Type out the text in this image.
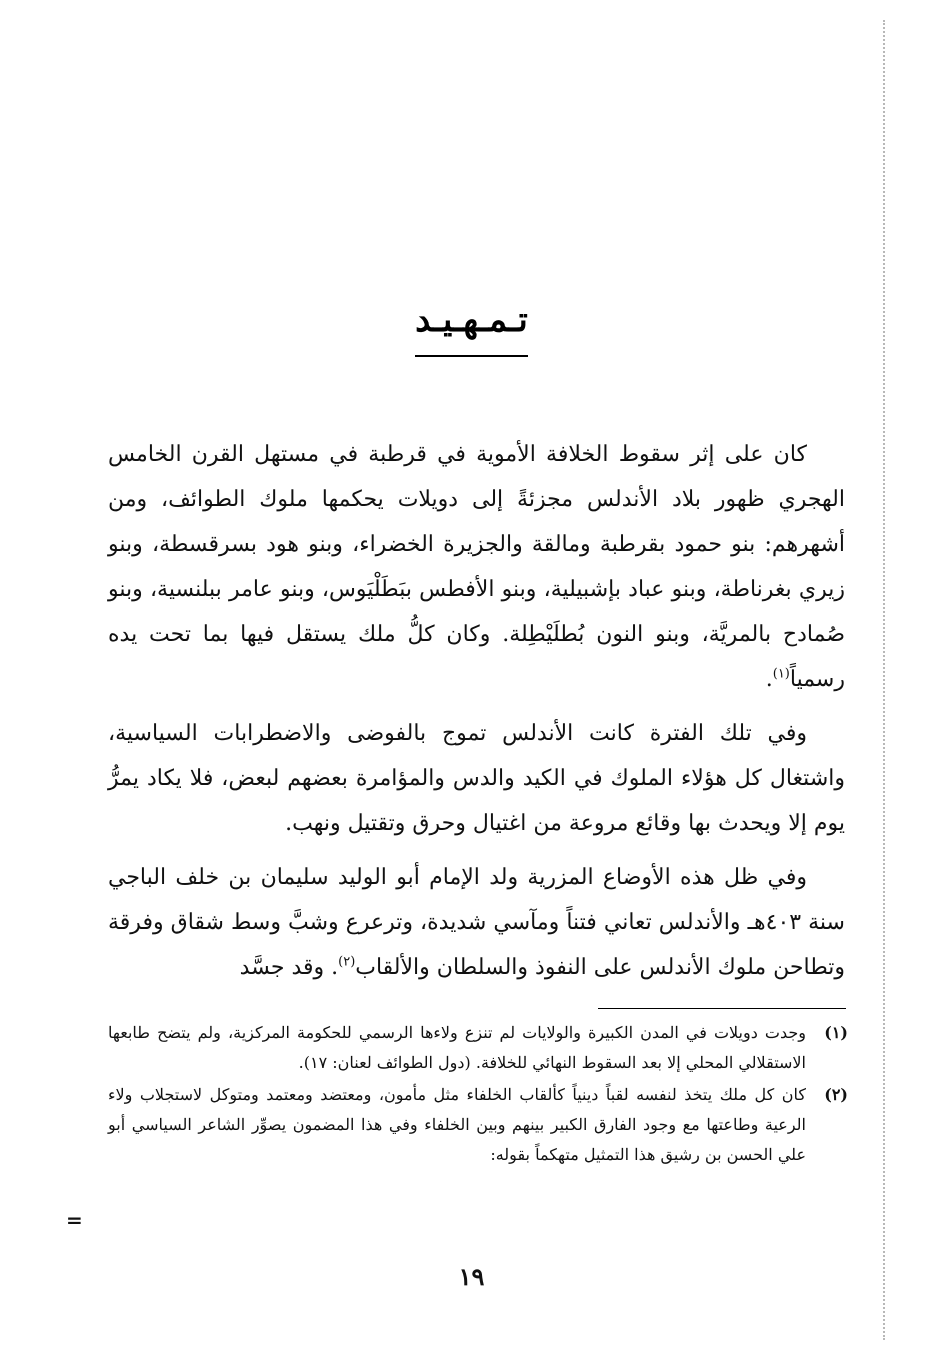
تـمـهـيـد

كان على إثر سقوط الخلافة الأموية في قرطبة في مستهل القرن الخامس الهجري ظهور بلاد الأندلس مجزئةً إلى دويلات يحكمها ملوك الطوائف، ومن أشهرهم: بنو حمود بقرطبة ومالقة والجزيرة الخضراء، وبنو هود بسرقسطة، وبنو زيري بغرناطة، وبنو عباد بإشبيلية، وبنو الأفطس ببَطَلْيَوس، وبنو عامر ببلنسية، وبنو صُمادح بالمريَّة، وبنو النون بُطلَيْطِلة. وكان كلُّ ملك يستقل فيها بما تحت يده رسمياً$^{(١)}$.

وفي تلك الفترة كانت الأندلس تموج بالفوضى والاضطرابات السياسية، واشتغال كل هؤلاء الملوك في الكيد والدس والمؤامرة بعضهم لبعض، فلا يكاد يمرُّ يوم إلا ويحدث بها وقائع مروعة من اغتيال وحرق وتقتيل ونهب.

وفي ظل هذه الأوضاع المزرية ولد الإمام أبو الوليد سليمان بن خلف الباجي سنة ٤٠٣هـ والأندلس تعاني فتناً ومآسي شديدة، وترعرع وشبَّ وسط شقاق وفرقة وتطاحن ملوك الأندلس على النفوذ والسلطان والألقاب$^{(٢)}$. وقد جسَّد

(١)
وجدت دويلات في المدن الكبيرة والولايات لم تنزع ولاءها الرسمي للحكومة المركزية، ولم يتضح طابعها الاستقلالي المحلي إلا بعد السقوط النهائي للخلافة. (دول الطوائف لعنان: ١٧).
(٢)
كان كل ملك يتخذ لنفسه لقباً دينياً كألقاب الخلفاء مثل مأمون، ومعتضد ومعتمد ومتوكل لاستجلاب ولاء الرعية وطاعتها مع وجود الفارق الكبير بينهم وبين الخلفاء وفي هذا المضمون يصوِّر الشاعر السياسي أبو علي الحسن بن رشيق هذا التمثيل متهكماً بقوله:
=
١٩
